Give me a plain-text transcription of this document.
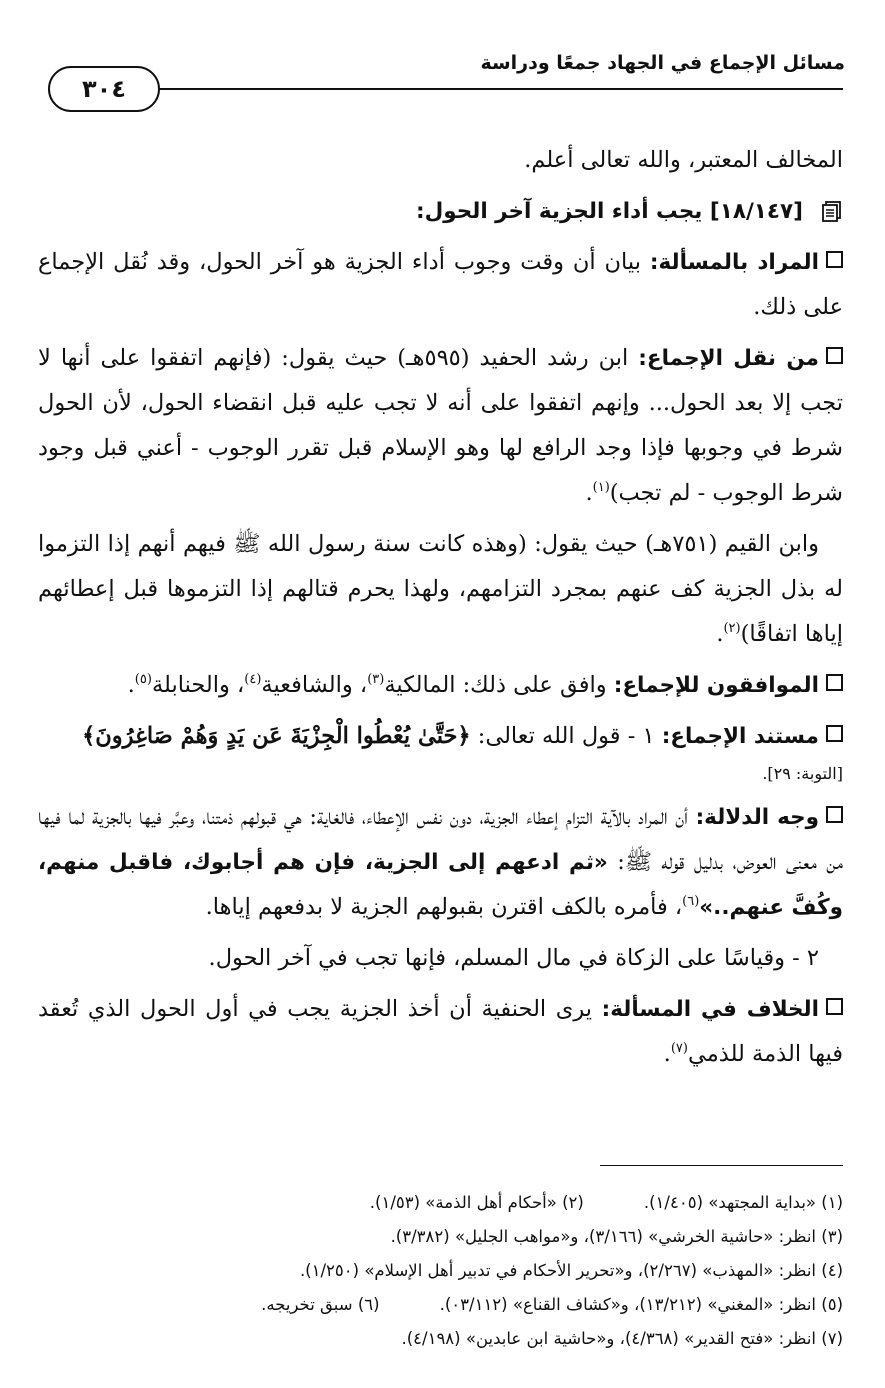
مسائل الإجماع في الجهاد جمعًا ودراسة
٣٠٤

المخالف المعتبر، والله تعالى أعلم.

[١٨/١٤٧] يجب أداء الجزية آخر الحول:

المراد بالمسألة: بيان أن وقت وجوب أداء الجزية هو آخر الحول، وقد نُقل الإجماع على ذلك.

من نقل الإجماع: ابن رشد الحفيد (٥٩٥هـ) حيث يقول: (فإنهم اتفقوا على أنها لا تجب إلا بعد الحول... وإنهم اتفقوا على أنه لا تجب عليه قبل انقضاء الحول، لأن الحول شرط في وجوبها فإذا وجد الرافع لها وهو الإسلام قبل تقرر الوجوب - أعني قبل وجود شرط الوجوب - لم تجب)$^{(١)}$.

وابن القيم (٧٥١هـ) حيث يقول: (وهذه كانت سنة رسول الله ﷺ فيهم أنهم إذا التزموا له بذل الجزية كف عنهم بمجرد التزامهم، ولهذا يحرم قتالهم إذا التزموها قبل إعطائهم إياها اتفاقًا)$^{(٢)}$.

الموافقون للإجماع: وافق على ذلك: المالكية$^{(٣)}$، والشافعية$^{(٤)}$، والحنابلة$^{(٥)}$.

مستند الإجماع: ١ - قول الله تعالى: ﴿حَتَّىٰ يُعْطُوا الْجِزْيَةَ عَن يَدٍ وَهُمْ صَاغِرُونَ﴾

[التوبة: ٢٩].

وجه الدلالة: أن المراد بالآية التزام إعطاء الجزية، دون نفس الإعطاء، فالغاية: هي قبولهم ذمتنا، وعبَّر فيها بالجزية لما فيها من معنى العوض، بدليل قوله ﷺ: «ثم ادعهم إلى الجزية، فإن هم أجابوك، فاقبل منهم، وكُفَّ عنهم..»$^{(٦)}$، فأمره بالكف اقترن بقبولهم الجزية لا بدفعهم إياها.

٢ - وقياسًا على الزكاة في مال المسلم، فإنها تجب في آخر الحول.

الخلاف في المسألة: يرى الحنفية أن أخذ الجزية يجب في أول الحول الذي تُعقد فيها الذمة للذمي$^{(٧)}$.

(١) «بداية المجتهد» (١/٤٠٥).
(٢) «أحكام أهل الذمة» (١/٥٣).
(٣) انظر: «حاشية الخرشي» (٣/١٦٦)، و«مواهب الجليل» (٣/٣٨٢).
(٤) انظر: «المهذب» (٢/٢٦٧)، و«تحرير الأحكام في تدبير أهل الإسلام» (١/٢٥٠).
(٥) انظر: «المغني» (١٣/٢١٢)، و«كشاف القناع» (٠٣/١١٢).
(٦) سبق تخريجه.
(٧) انظر: «فتح القدير» (٤/٣٦٨)، و«حاشية ابن عابدين» (٤/١٩٨).
